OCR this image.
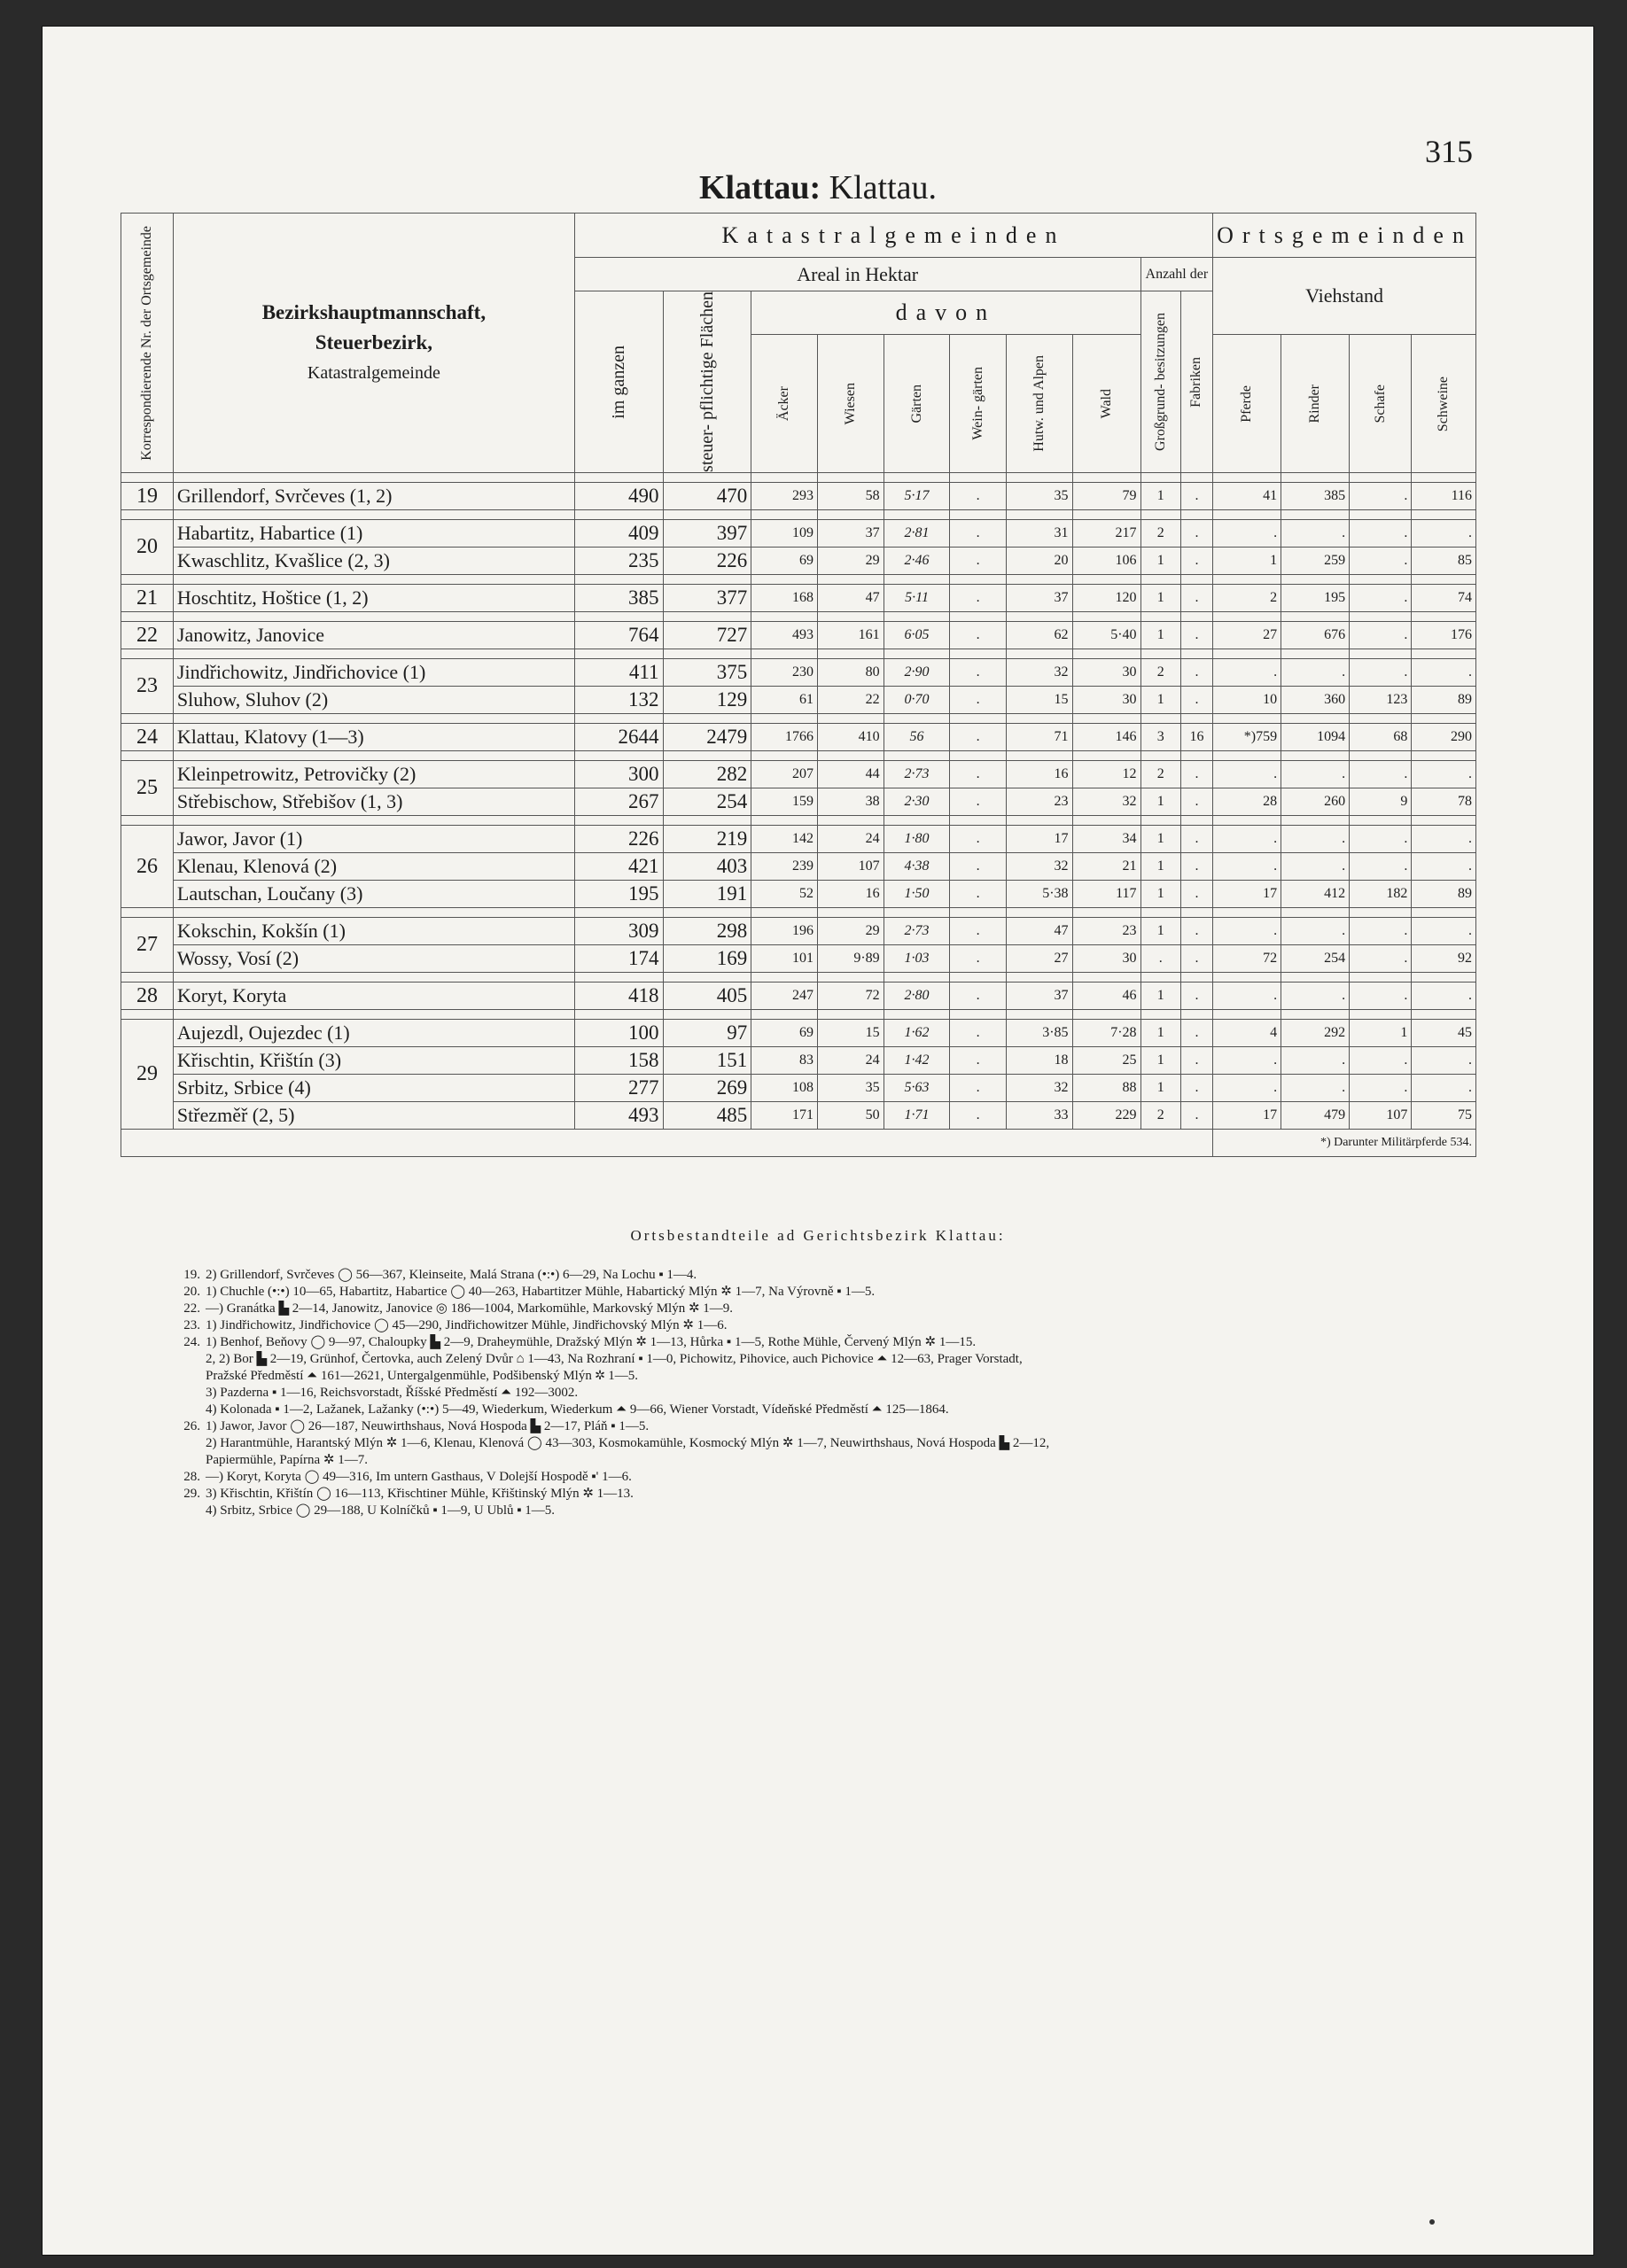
315
Klattau: Klattau.
Korrespondierende Nr. der Ortsgemeinde	Bezirkshauptmannschaft,
Steuerbezirk,
Katastralgemeinde	Katastralgemeinden										Ortsgemeinden			
		Areal in Hektar								Anzahl der		Viehstand			

		im ganzen	steuer- pflichtige Flächen	davon						Großgrund- besitzungen	Fabriken				

				Äcker	Wiesen	Gärten	Wein- gärten	Hutw. und Alpen	Wald			Pferde	Rinder	Schafe	Schweine

19	Grillendorf, Svrčeves (1, 2)	490	470	293	58	5·17	.	35	79	1	.	41	385	.	116

20	Habartitz, Habartice (1)	409	397	109	37	2·81	.	31	217	2	.	.	.	.	.
	Kwaschlitz, Kvašlice (2, 3)	235	226	69	29	2·46	.	20	106	1	.	1	259	.	85

21	Hoschtitz, Hoštice (1, 2)	385	377	168	47	5·11	.	37	120	1	.	2	195	.	74

22	Janowitz, Janovice	764	727	493	161	6·05	.	62	5·40	1	.	27	676	.	176

23	Jindřichowitz, Jindřichovice (1)	411	375	230	80	2·90	.	32	30	2	.	.	.	.	.
	Sluhow, Sluhov (2)	132	129	61	22	0·70	.	15	30	1	.	10	360	123	89

24	Klattau, Klatovy (1—3)	2644	2479	1766	410	56	.	71	146	3	16	*)759	1094	68	290

25	Kleinpetrowitz, Petrovičky (2)	300	282	207	44	2·73	.	16	12	2	.	.	.	.	.
	Střebischow, Střebišov (1, 3)	267	254	159	38	2·30	.	23	32	1	.	28	260	9	78

26	Jawor, Javor (1)	226	219	142	24	1·80	.	17	34	1	.	.	.	.	.
	Klenau, Klenová (2)	421	403	239	107	4·38	.	32	21	1	.	.	.	.	.
	Lautschan, Loučany (3)	195	191	52	16	1·50	.	5·38	117	1	.	17	412	182	89

27	Kokschin, Kokšín (1)	309	298	196	29	2·73	.	47	23	1	.	.	.	.	.
	Wossy, Vosí (2)	174	169	101	9·89	1·03	.	27	30	.	.	72	254	.	92

28	Koryt, Koryta	418	405	247	72	2·80	.	37	46	1	.	.	.	.	.

29	Aujezdl, Oujezdec (1)	100	97	69	15	1·62	.	3·85	7·28	1	.	4	292	1	45
	Křischtin, Křištín (3)	158	151	83	24	1·42	.	18	25	1	.	.	.	.	.
	Srbitz, Srbice (4)	277	269	108	35	5·63	.	32	88	1	.	.	.	.	.
	Střezměř (2, 5)	493	485	171	50	1·71	.	33	229	2	.	17	479	107	75
												*) Darunter Militärpferde 534.			
Ortsbestandteile ad Gerichtsbezirk Klattau:
19. 2) Grillendorf, Svrčeves ◯ 56—367, Kleinseite, Malá Strana (•:•) 6—29, Na Lochu ▪ 1—4.
20. 1) Chuchle (•:•) 10—65, Habartitz, Habartice ◯ 40—263, Habartitzer Mühle, Habartický Mlýn ✲ 1—7, Na Výrovně ▪ 1—5.
22. —) Granátka ▙ 2—14, Janowitz, Janovice ◎ 186—1004, Markomühle, Markovský Mlýn ✲ 1—9.
23. 1) Jindřichowitz, Jindřichovice ◯ 45—290, Jindřichowitzer Mühle, Jindřichovský Mlýn ✲ 1—6.
24. 1) Benhof, Beňovy ◯ 9—97, Chaloupky ▙ 2—9, Draheymühle, Dražský Mlýn ✲ 1—13, Hůrka ▪ 1—5, Rothe Mühle, Červený Mlýn ✲ 1—15.
2, 2) Bor ▙ 2—19, Grünhof, Čertovka, auch Zelený Dvůr ⌂ 1—43, Na Rozhraní ▪ 1—0, Pichowitz, Pihovice, auch Pichovice ⏶ 12—63, Prager Vorstadt,
Pražské Předměstí ⏶ 161—2621, Untergalgenmühle, Podšibenský Mlýn ✲ 1—5.
3) Pazderna ▪ 1—16, Reichsvorstadt, Říšské Předměstí ⏶ 192—3002.
4) Kolonada ▪ 1—2, Lažanek, Lažanky (•:•) 5—49, Wiederkum, Wiederkum ⏶ 9—66, Wiener Vorstadt, Vídeňské Předměstí ⏶ 125—1864.
26. 1) Jawor, Javor ◯ 26—187, Neuwirthshaus, Nová Hospoda ▙ 2—17, Pláň ▪ 1—5.
2) Harantmühle, Harantský Mlýn ✲ 1—6, Klenau, Klenová ◯ 43—303, Kosmokamühle, Kosmocký Mlýn ✲ 1—7, Neuwirthshaus, Nová Hospoda ▙ 2—12,
Papiermühle, Papírna ✲ 1—7.
28. —) Koryt, Koryta ◯ 49—316, Im untern Gasthaus, V Dolejší Hospodě ▪' 1—6.
29. 3) Křischtin, Křištín ◯ 16—113, Křischtiner Mühle, Křištinský Mlýn ✲ 1—13.
4) Srbitz, Srbice ◯ 29—188, U Kolníčků ▪ 1—9, U Ublů ▪ 1—5.
